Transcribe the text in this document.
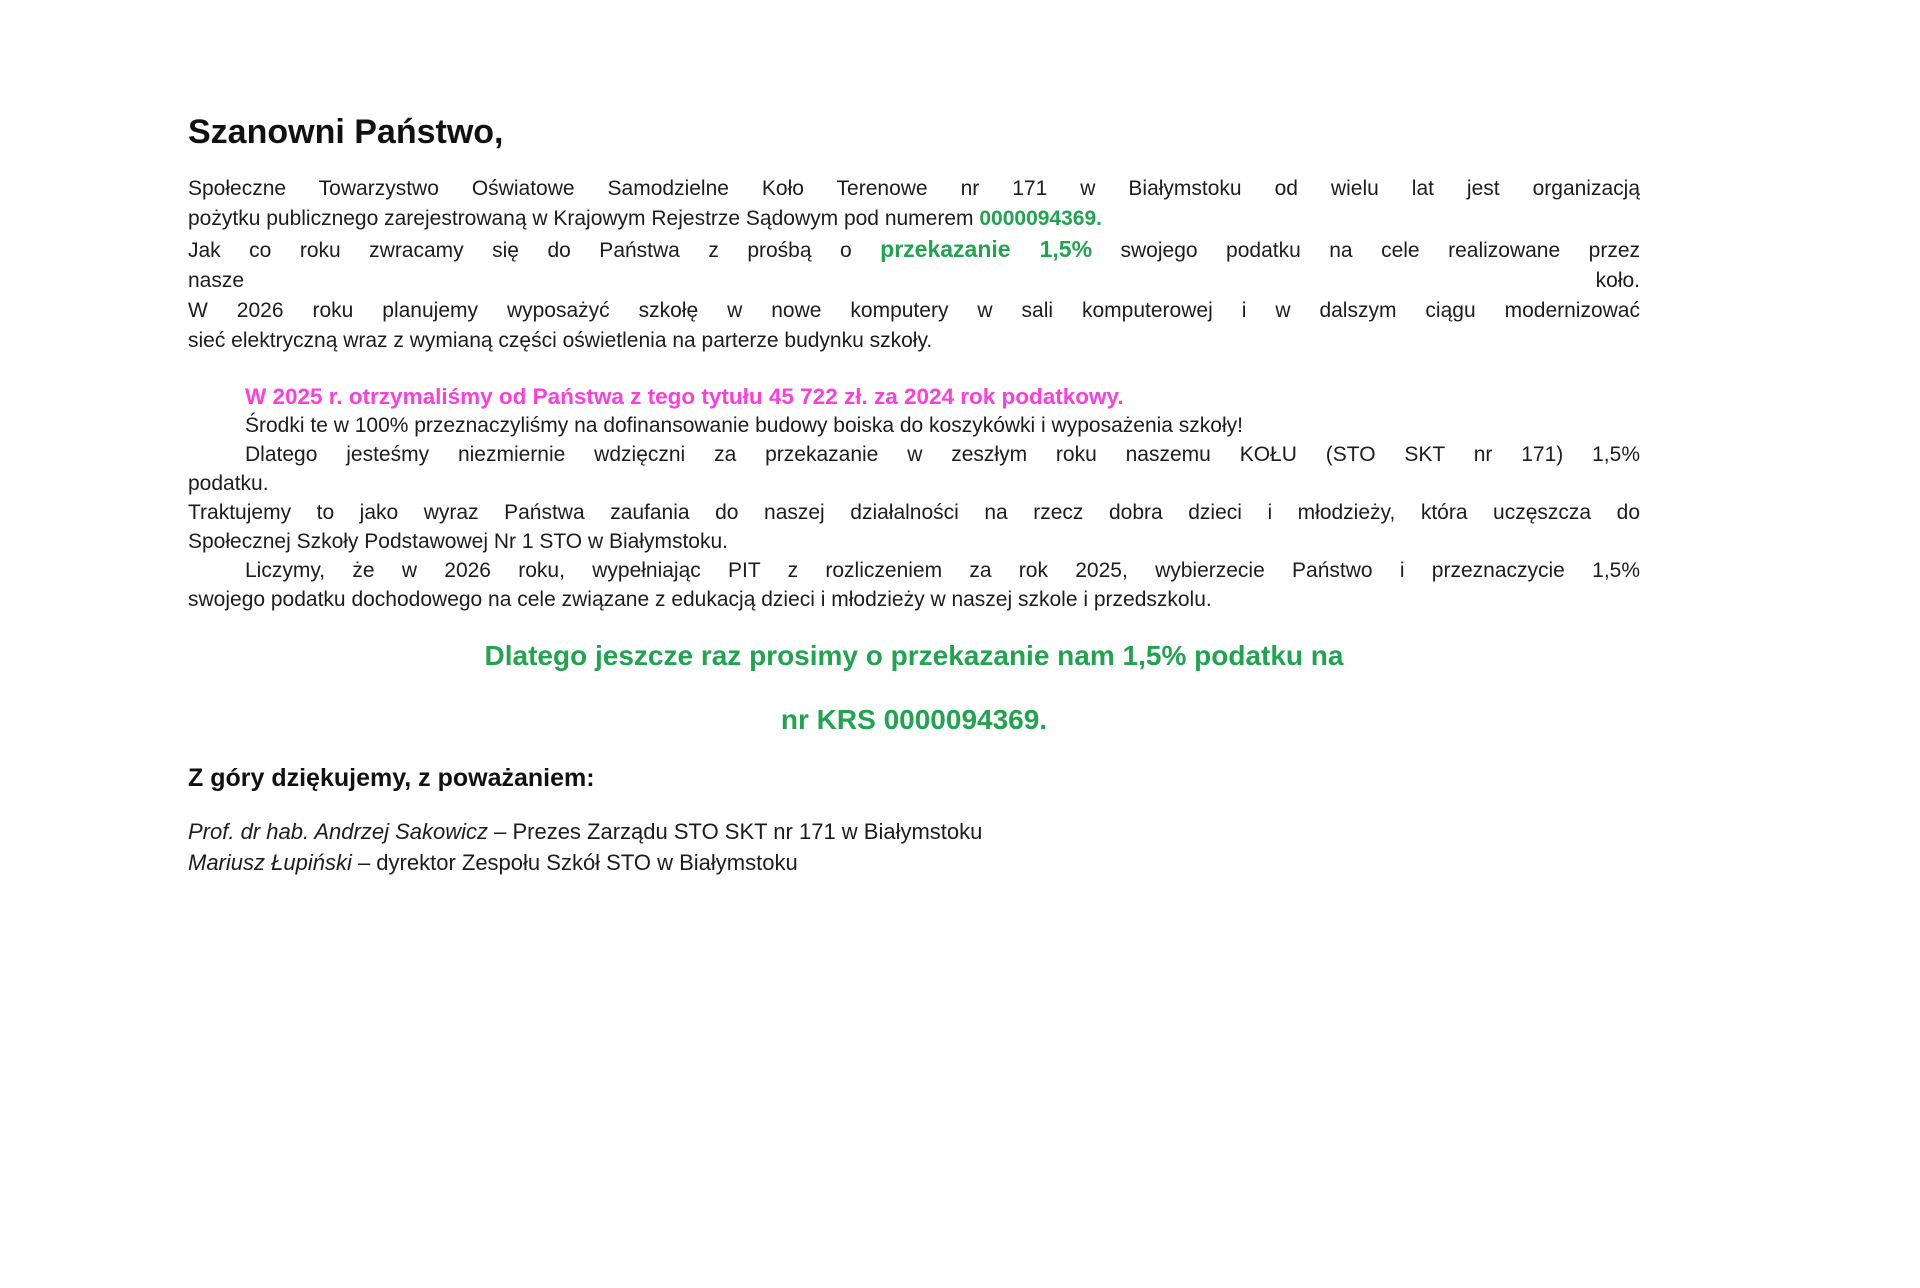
Szanowni Państwo,
Społeczne Towarzystwo Oświatowe Samodzielne Koło Terenowe nr 171 w Białymstoku od wielu lat jest organizacją
pożytku publicznego zarejestrowaną w Krajowym Rejestrze Sądowym pod numerem 0000094369.
Jak co roku zwracamy się do Państwa z prośbą o przekazanie 1,5% swojego podatku na cele realizowane przez
nasze	koło.
W 2026 roku planujemy wyposażyć szkołę w nowe komputery w sali komputerowej i w dalszym ciągu modernizować
sieć elektryczną wraz z wymianą części oświetlenia na parterze budynku szkoły.
W 2025 r. otrzymaliśmy od Państwa z tego tytułu 45 722 zł. za 2024 rok podatkowy.
Środki te w 100% przeznaczyliśmy na dofinansowanie budowy boiska do koszykówki i wyposażenia szkoły!
Dlatego jesteśmy niezmiernie wdzięczni za przekazanie w zeszłym roku naszemu KOŁU (STO SKT nr 171) 1,5%
podatku.
Traktujemy to jako wyraz Państwa zaufania do naszej działalności na rzecz dobra dzieci i młodzieży, która uczęszcza do
Społecznej Szkoły Podstawowej Nr 1 STO w Białymstoku.
Liczymy, że w 2026 roku, wypełniając PIT z rozliczeniem za rok 2025, wybierzecie Państwo i przeznaczycie 1,5%
swojego podatku dochodowego na cele związane z edukacją dzieci i młodzieży w naszej szkole i przedszkolu.
Dlatego jeszcze raz prosimy o przekazanie nam 1,5% podatku na
nr KRS 0000094369.
Z góry dziękujemy, z poważaniem:
Prof. dr hab. Andrzej Sakowicz – Prezes Zarządu STO SKT nr 171 w Białymstoku
Mariusz Łupiński – dyrektor Zespołu Szkół STO w Białymstoku
